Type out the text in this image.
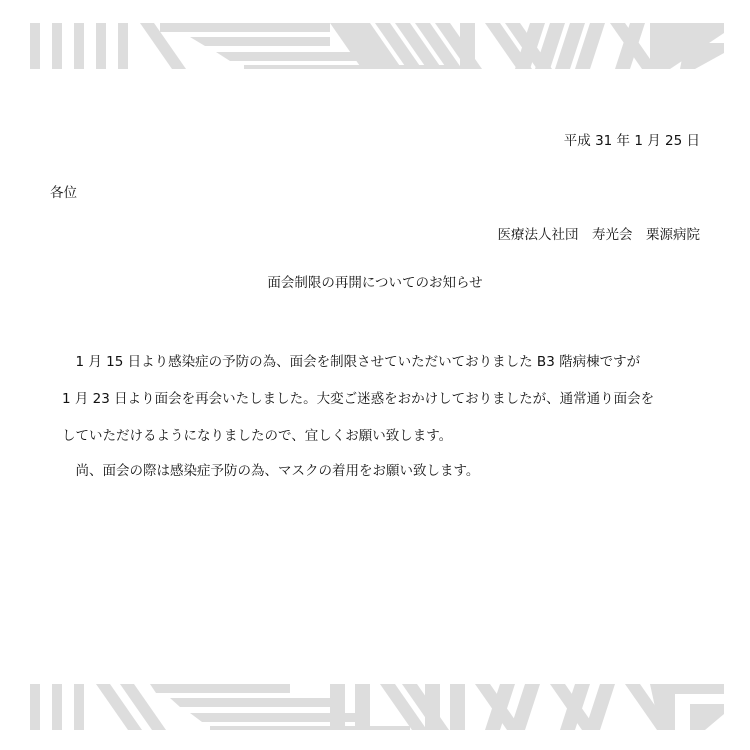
平成 31 年 1 月 25 日
各位
医療法人社団　寿光会　栗源病院
面会制限の再開についてのお知らせ
　1 月 15 日より感染症の予防の為、面会を制限させていただいておりました B3 階病棟ですが
1 月 23 日より面会を再会いたしました。大変ご迷惑をおかけしておりましたが、通常通り面会を
していただけるようになりましたので、宜しくお願い致します。
　尚、面会の際は感染症予防の為、マスクの着用をお願い致します。
